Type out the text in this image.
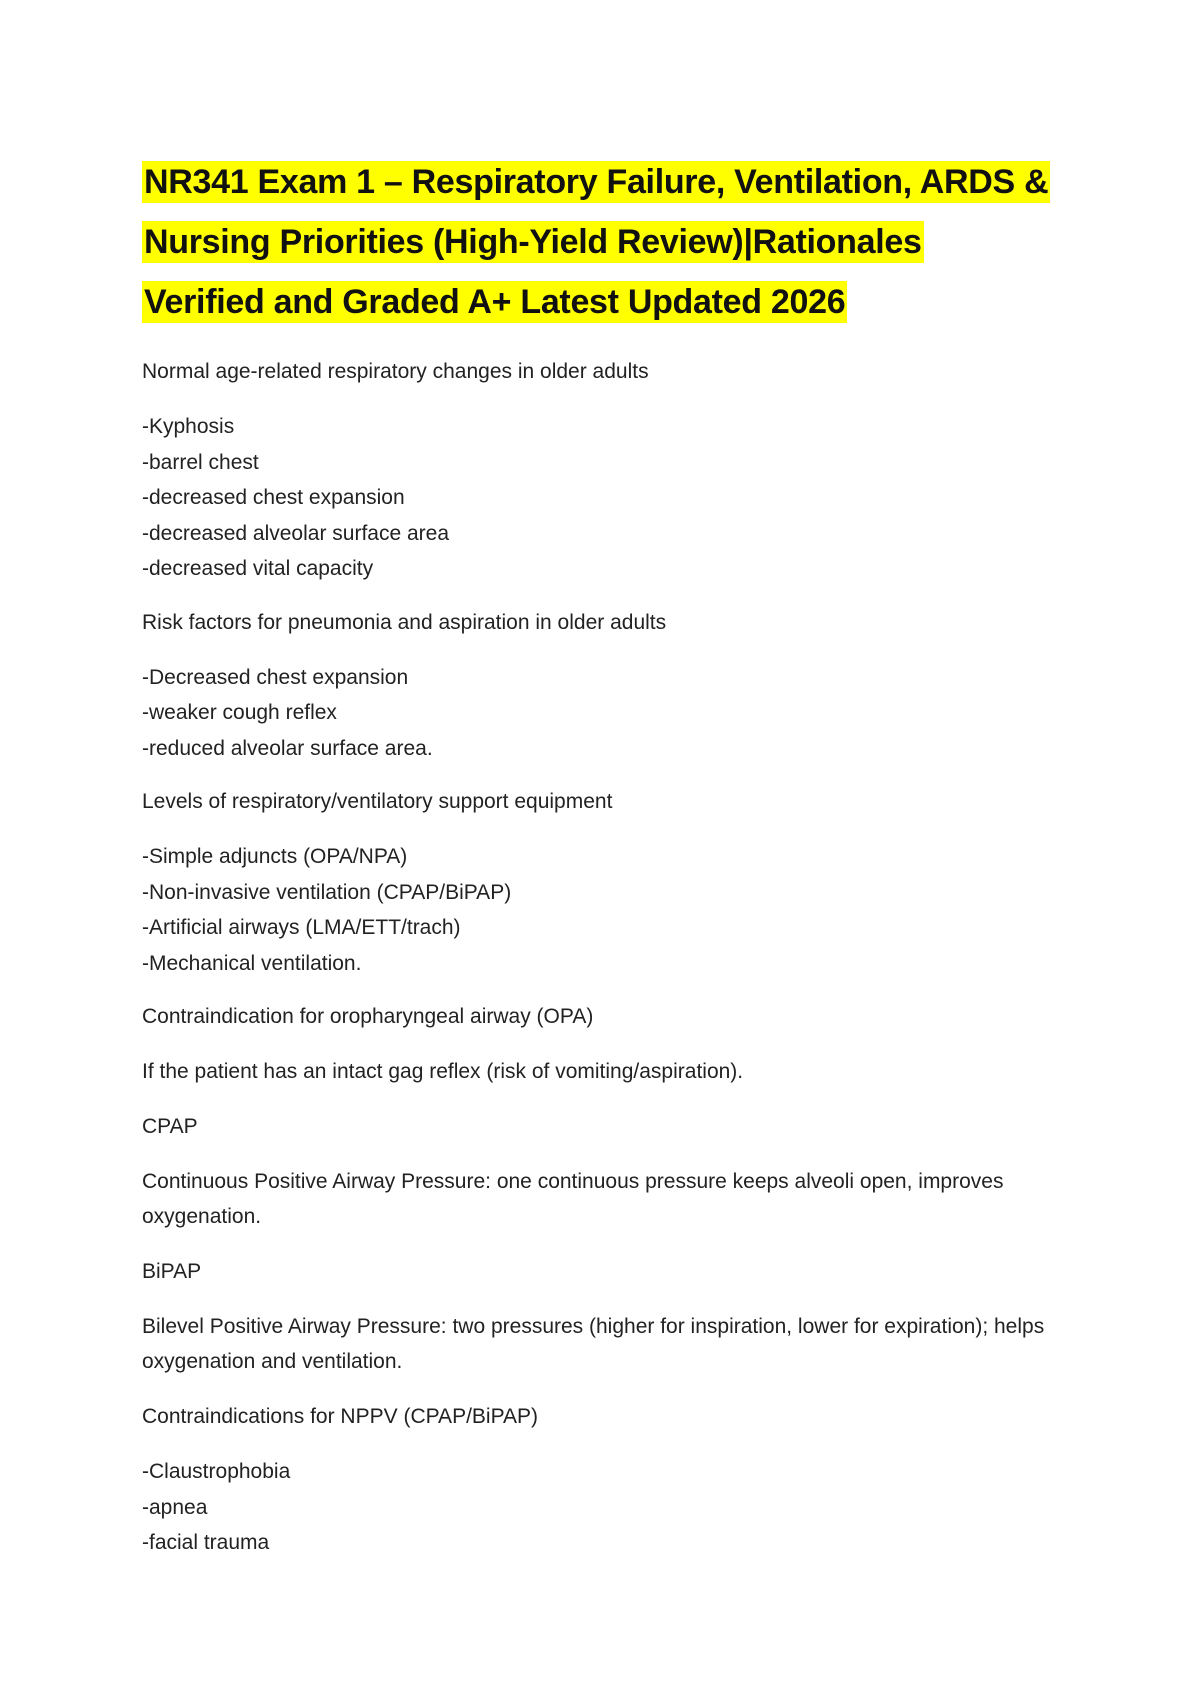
NR341 Exam 1 – Respiratory Failure, Ventilation, ARDS &
Nursing Priorities (High-Yield Review)|Rationales
Verified and Graded A+ Latest Updated 2026

Normal age-related respiratory changes in older adults

-Kyphosis
-barrel chest
-decreased chest expansion
-decreased alveolar surface area
-decreased vital capacity

Risk factors for pneumonia and aspiration in older adults

-Decreased chest expansion
-weaker cough reflex
-reduced alveolar surface area.

Levels of respiratory/ventilatory support equipment

-Simple adjuncts (OPA/NPA)
-Non-invasive ventilation (CPAP/BiPAP)
-Artificial airways (LMA/ETT/trach)
-Mechanical ventilation.

Contraindication for oropharyngeal airway (OPA)

If the patient has an intact gag reflex (risk of vomiting/aspiration).

CPAP

Continuous Positive Airway Pressure: one continuous pressure keeps alveoli open, improves oxygenation.

BiPAP

Bilevel Positive Airway Pressure: two pressures (higher for inspiration, lower for expiration); helps oxygenation and ventilation.

Contraindications for NPPV (CPAP/BiPAP)

-Claustrophobia
-apnea
-facial trauma
